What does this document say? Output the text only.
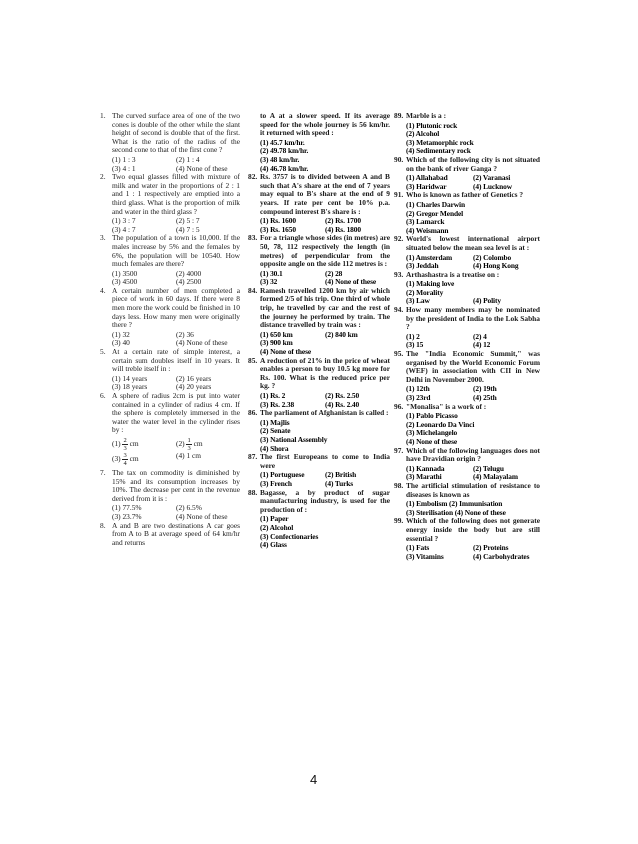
1. The curved surface area of one of the two cones is double of the other while the slant height of second is double that of the first. What is the ratio of the radius of the second cone to that of the first cone ?
(1) 1 : 3	(2) 1 : 4
(3) 4 : 1	(4) None of these
2. Two equal glasses filled with mixture of milk and water in the proportions of 2 : 1 and 1 : 1 respectively are emptied into a third glass. What is the proportion of milk and water in the third glass ?
(1) 3 : 7	(2) 5 : 7
(3) 4 : 7	(4) 7 : 5
3. The population of a town is 10,000. If the males increase by 5% and the females by 6%, the population will be 10540. How much females are there?
(1) 3500	(2) 4000
(3) 4500	(4) 2500
4. A certain number of men completed a piece of work in 60 days. If there were 8 men more the work could be finished in 10 days less. How many men were originally there ?
(1) 32	(2) 36
(3) 40	(4) None of these
5. At a certain rate of simple interest, a certain sum doubles itself in 10 years. It will treble itself in :
(1) 14 years	(2) 16 years
(3) 18 years	(4) 20 years
6. A sphere of radius 2cm is put into water contained in a cylinder of radius 4 cm. If the sphere is completely immersed in the water the water level in the cylinder rises by :
$(1) \frac{2}{3}$ cm	$(2) \frac{1}{3}$ cm
$(3) \frac{3}{4}$ cm	(4) 1 cm
7. The tax on commodity is diminished by 15% and its consumption increases by 10%. The decrease per cent in the revenue derived from it is :
(1) 77.5%	(2) 6.5%
(3) 23.7%	(4) None of these
8. A and B are two destinations A car goes from A to B at average speed of 64 km/hr and returns
to A at a slower speed. If its average speed for the whole journey is 56 km/hr. it returned with speed :
(1) 45.7 km/hr.
(2) 49.78 km/hr.
(3) 48 km/hr.
(4) 46.78 km/hr.
82. Rs. 3757 is to divided between A and B such that A's share at the end of 7 years may equal to B's share at the end of 9 years. If rate per cent be 10% p.a. compound interest B's share is :
(1) Rs. 1600	(2) Rs. 1700
(3) Rs. 1650	(4) Rs. 1800
83. For a triangle whose sides (in metres) are 50, 78, 112 respectively the length (in metres) of perpendicular from the opposite angle on the side 112 metres is :
(1) 30.1	(2) 28
(3) 32	(4) None of these
84. Ramesh travelled 1200 km by air which formed 2/5 of his trip. One third of whole trip, he travelled by car and the rest of the journey he performed by train. The distance travelled by train was :
(1) 650 km	(2) 840 km
(3) 900 km
(4) None of these
85. A reduction of 21% in the price of wheat enables a person to buy 10.5 kg more for Rs. 100. What is the reduced price per kg. ?
(1) Rs. 2	(2) Rs. 2.50
(3) Rs. 2.38	(4) Rs. 2.40
86. The parliament of Afghanistan is called :
(1) Majlis
(2) Senate
(3) National Assembly
(4) Shora
87. The first Europeans to come to India were
(1) Portuguese	(2) British
(3) French	(4) Turks
88. Bagasse, a by product of sugar manufacturing industry, is used for the production of :
(1) Paper
(2) Alcohol
(3) Confectionaries
(4) Glass
89. Marble is a :
(1) Plutonic rock
(2) Alcohol
(3) Metamorphic rock
(4) Sedimentary rock
90. Which of the following city is not situated on the bank of river Ganga ?
(1) Allahabad	(2) Varanasi
(3) Haridwar	(4) Lucknow
91. Who is known as father of Genetics ?
(1) Charles Darwin
(2) Gregor Mendel
(3) Lamarck
(4) Weismann
92. World's lowest international airport situated below the mean sea level is at :
(1) Amsterdam	(2) Colombo
(3) Jeddah	(4) Hong Kong
93. Arthashastra is a treatise on :
(1) Making love
(2) Morality
(3) Law	(4) Polity
94. How many members may be nominated by the president of India to the Lok Sabha ?
(1) 2	(2) 4
(3) 15	(4) 12
95. The "India Economic Summit," was organised by the World Economic Forum (WEF) in association with CII in New Delhi in November 2000.
(1) 12th	(2) 19th
(3) 23rd	(4) 25th
96. "Monalisa" is a work of :
(1) Pablo Picasso
(2) Leonardo Da Vinci
(3) Michelangelo
(4) None of these
97. Which of the following languages does not have Dravidian origin ?
(1) Kannada	(2) Telugu
(3) Marathi	(4) Malayalam
98. The artificial stimulation of resistance to diseases is known as
(1) Embolism (2) Immunisation
(3) Sterilisation (4) None of these
99. Which of the following does not generate energy inside the body but are still essential ?
(1) Fats	(2) Proteins
(3) Vitamins	(4) Carbohydrates
4
